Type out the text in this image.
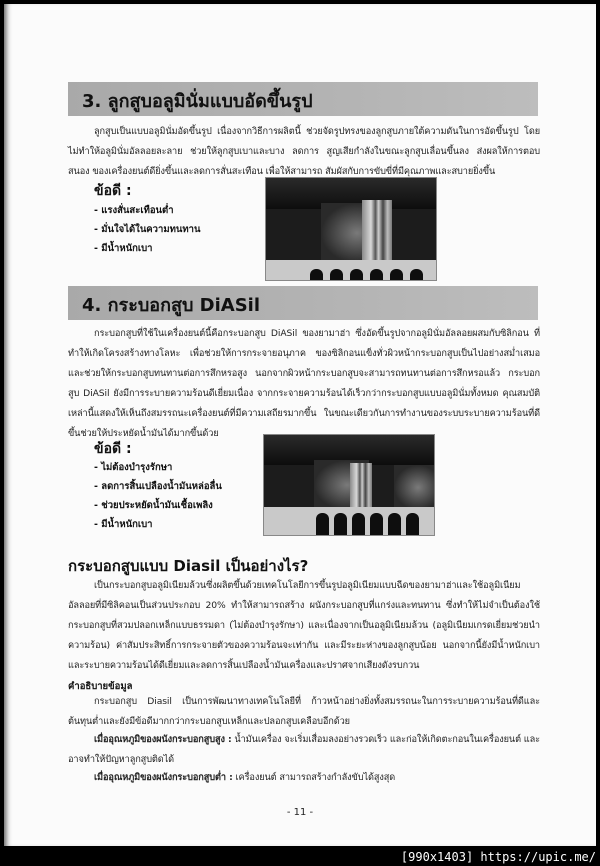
3. ลูกสูบอลูมินั่มแบบอัดขึ้นรูป
ลูกสูบเป็นแบบอลูมินั่มอัดขึ้นรูป เนื่องจากวิธีการผลิตนี้ ช่วยจัดรูปทรงของลูกสูบภายใต้ความดันในการอัดขึ้นรูป โดยไม่ทำให้อลูมินั่มอัลลอยละลาย ช่วยให้ลูกสูบเบาและบาง ลดการ สูญเสียกำลังในขณะลูกสูบเลื่อนขึ้นลง ส่งผลให้การตอบสนอง ของเครื่องยนต์ดียิ่งขึ้นและลดการสั่นสะเทือน เพื่อให้สามารถ สัมผัสกับการขับขี่ที่มีคุณภาพและสบายยิ่งขึ้น
ข้อดี :
- แรงสั่นสะเทือนต่ำ
- มั่นใจได้ในความทนทาน
- มีน้ำหนักเบา
4. กระบอกสูบ DiASil
กระบอกสูบที่ใช้ในเครื่องยนต์นี้คือกระบอกสูบ DiASil ของยามาฮ่า ซึ่งอัดขึ้นรูปจากอลูมินั่มอัลลอยผสมกับซิลิกอน ที่ทำให้เกิดโครงสร้างทางโลหะ เพื่อช่วยให้การกระจายอนุภาค ของซิลิกอนแข็งทั่วผิวหน้ากระบอกสูบเป็นไปอย่างสม่ำเสมอ และช่วยให้กระบอกสูบทนทานต่อการสึกหรอสูง นอกจากผิวหน้ากระบอกสูบจะสามารถทนทานต่อการสึกหรอแล้ว กระบอกสูบ DiASil ยังมีการระบายความร้อนดีเยี่ยมเนื่อง จากกระจายความร้อนได้เร็วกว่ากระบอกสูบแบบอลูมินั่มทั้งหมด คุณสมบัติเหล่านี้แสดงให้เห็นถึงสมรรถนะเครื่องยนต์ที่มีความเสถียรมากขึ้น ในขณะเดียวกันการทำงานของระบบระบายความร้อนที่ดีขึ้นช่วยให้ประหยัดน้ำมันได้มากขึ้นด้วย
ข้อดี :
- ไม่ต้องบำรุงรักษา
- ลดการสิ้นเปลืองน้ำมันหล่อลื่น
- ช่วยประหยัดน้ำมันเชื้อเพลิง
- มีน้ำหนักเบา
กระบอกสูบแบบ Diasil เป็นอย่างไร?
เป็นกระบอกสูบอลูมิเนียมล้วนซึ่งผลิตขึ้นด้วยเทคโนโลยีการขึ้นรูปอลูมิเนียมแบบฉีดของยามาฮ่าและใช้อลูมิเนียมอัลลอยที่มีซิลิคอนเป็นส่วนประกอบ 20% ทำให้สามารถสร้าง ผนังกระบอกสูบที่แกร่งและทนทาน ซึ่งทำให้ไม่จำเป็นต้องใช้กระบอกสูบที่สวมปลอกเหล็กแบบธรรมดา (ไม่ต้องบำรุงรักษา) และเนื่องจากเป็นอลูมิเนียมล้วน (อลูมิเนียมเกรดเยี่ยมช่วยนำความร้อน) ค่าสัมประสิทธิ์การกระจายตัวของความร้อนจะเท่ากัน และมีระยะห่างของลูกสูบน้อย นอกจากนี้ยังมีน้ำหนักเบา และระบายความร้อนได้ดีเยี่ยมและลดการสิ้นเปลืองน้ำมันเครื่องและปราศจากเสียงดังรบกวน
คำอธิบายข้อมูล
กระบอกสูบ Diasil เป็นการพัฒนาทางเทคโนโลยีที่ ก้าวหน้าอย่างยิ่งทั้งสมรรถนะในการระบายความร้อนที่ดีและต้นทุนต่ำและยังมีข้อดีมากกว่ากระบอกสูบเหล็กและปลอกสูบเคลือบอีกด้วย
เมื่ออุณหภูมิของผนังกระบอกสูบสูง : น้ำมันเครื่อง จะเริ่มเสื่อมลงอย่างรวดเร็ว และก่อให้เกิดตะกอนในเครื่องยนต์ และอาจทำให้ปัญหาลูกสูบติดได้
เมื่ออุณหภูมิของผนังกระบอกสูบต่ำ : เครื่องยนต์ สามารถสร้างกำลังขับได้สูงสุด
- 11 -
[990x1403] https://upic.me/
